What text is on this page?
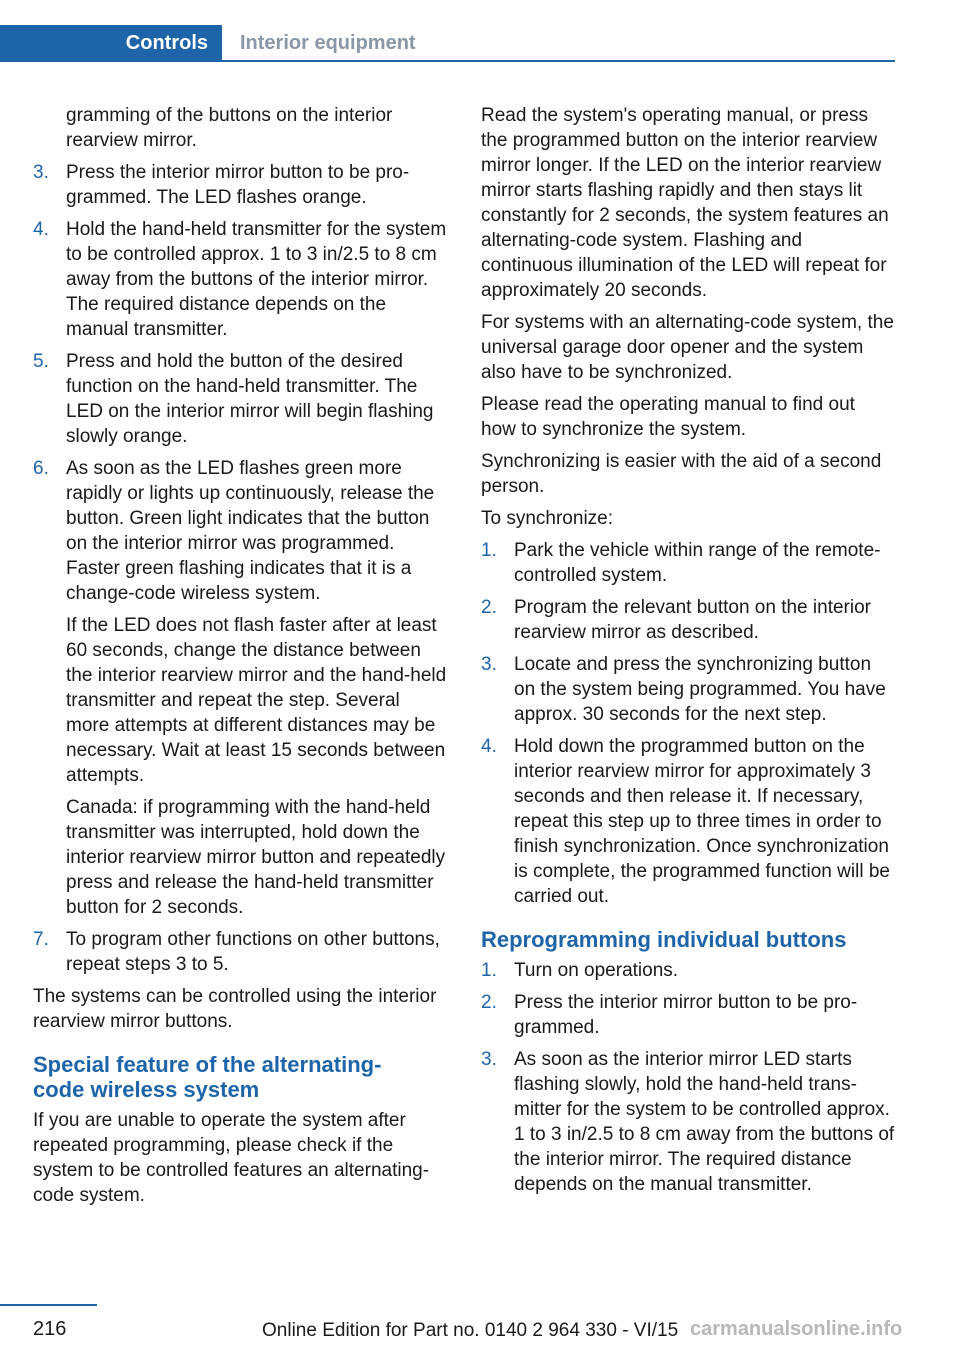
Controls	Interior equipment
gramming of the buttons on the interior rearview mirror.
3. Press the interior mirror button to be programmed. The LED flashes orange.
4. Hold the hand-held transmitter for the system to be controlled approx. 1 to 3 in/2.5 to 8 cm away from the buttons of the interior mirror. The required distance depends on the manual transmitter.
5. Press and hold the button of the desired function on the hand-held transmitter. The LED on the interior mirror will begin flashing slowly orange.
6. As soon as the LED flashes green more rapidly or lights up continuously, release the button. Green light indicates that the button on the interior mirror was programmed. Faster green flashing indicates that it is a change-code wireless system.
If the LED does not flash faster after at least 60 seconds, change the distance between the interior rearview mirror and the hand-held transmitter and repeat the step. Several more attempts at different distances may be necessary. Wait at least 15 seconds between attempts.
Canada: if programming with the hand-held transmitter was interrupted, hold down the interior rearview mirror button and repeatedly press and release the hand-held transmitter button for 2 seconds.
7. To program other functions on other buttons, repeat steps 3 to 5.

The systems can be controlled using the interior rearview mirror buttons.

Special feature of the alternating-code wireless system

If you are unable to operate the system after repeated programming, please check if the system to be controlled features an alternating-code system.

Read the system's operating manual, or press the programmed button on the interior rearview mirror longer. If the LED on the interior rearview mirror starts flashing rapidly and then stays lit constantly for 2 seconds, the system features an alternating-code system. Flashing and continuous illumination of the LED will repeat for approximately 20 seconds.

For systems with an alternating-code system, the universal garage door opener and the system also have to be synchronized.

Please read the operating manual to find out how to synchronize the system.

Synchronizing is easier with the aid of a second person.

To synchronize:

1. Park the vehicle within range of the remote-controlled system.
2. Program the relevant button on the interior rearview mirror as described.
3. Locate and press the synchronizing button on the system being programmed. You have approx. 30 seconds for the next step.
4. Hold down the programmed button on the interior rearview mirror for approximately 3 seconds and then release it. If necessary, repeat this step up to three times in order to finish synchronization. Once synchronization is complete, the programmed function will be carried out.
Reprogramming individual buttons
1. Turn on operations.
2. Press the interior mirror button to be programmed.
3. As soon as the interior mirror LED starts flashing slowly, hold the hand-held transmitter for the system to be controlled approx. 1 to 3 in/2.5 to 8 cm away from the buttons of the interior mirror. The required distance depends on the manual transmitter.
216	Online Edition for Part no. 0140 2 964 330 - VI/15 carmanualsonline.info
